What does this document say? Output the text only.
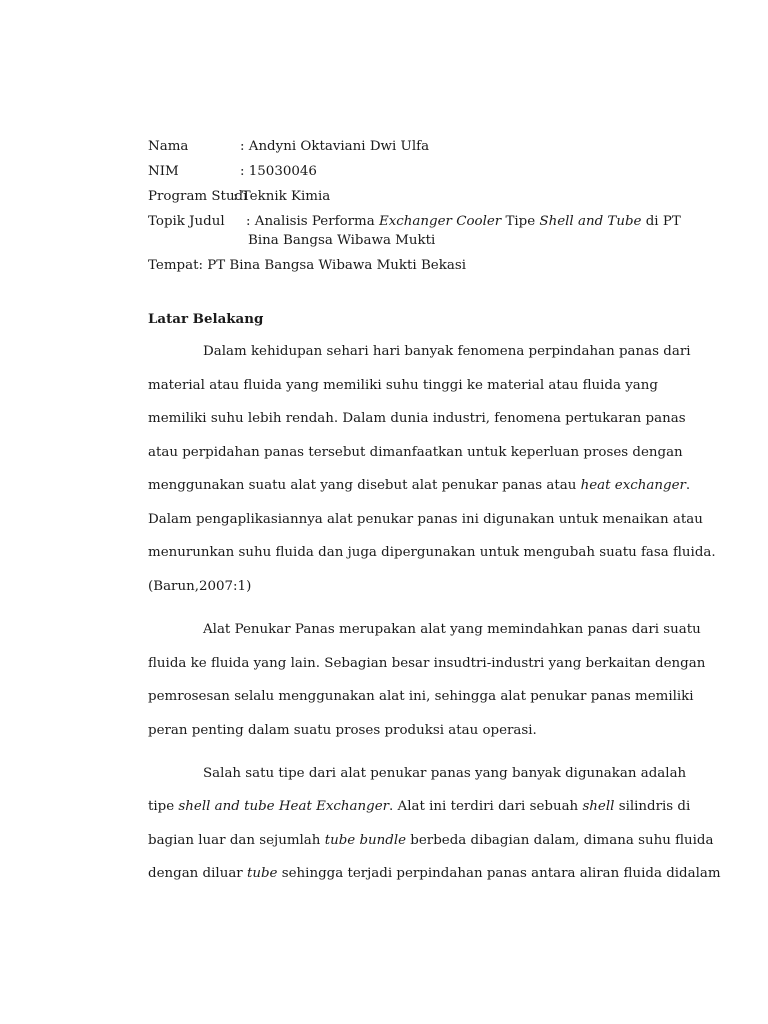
Nama	: Andyni Oktaviani Dwi Ulfa
NIM	: 15030046
Program Studi
: Teknik Kimia
Topik Judul : Analisis Performa Exchanger Cooler Tipe Shell and Tube di PT
Bina Bangsa Wibawa Mukti
Tempat: PT Bina Bangsa Wibawa Mukti Bekasi
Latar Belakang
Dalam kehidupan sehari hari banyak fenomena perpindahan panas dari
material atau fluida yang memiliki suhu tinggi ke material atau fluida yang
memiliki suhu lebih rendah. Dalam dunia industri, fenomena pertukaran panas
atau perpidahan panas tersebut dimanfaatkan untuk keperluan proses dengan
menggunakan suatu alat yang disebut alat penukar panas atau heat exchanger.
Dalam pengaplikasiannya alat penukar panas ini digunakan untuk menaikan atau
menurunkan suhu fluida dan juga dipergunakan untuk mengubah suatu fasa fluida.
(Barun,2007:1)
Alat Penukar Panas merupakan alat yang memindahkan panas dari suatu
fluida ke fluida yang lain. Sebagian besar insudtri-industri yang berkaitan dengan
pemrosesan selalu menggunakan alat ini, sehingga alat penukar panas memiliki
peran penting dalam suatu proses produksi atau operasi.
Salah satu tipe dari alat penukar panas yang banyak digunakan adalah
tipe shell and tube Heat Exchanger. Alat ini terdiri dari sebuah shell silindris di
bagian luar dan sejumlah tube bundle berbeda dibagian dalam, dimana suhu fluida
dengan diluar tube sehingga terjadi perpindahan panas antara aliran fluida didalam
